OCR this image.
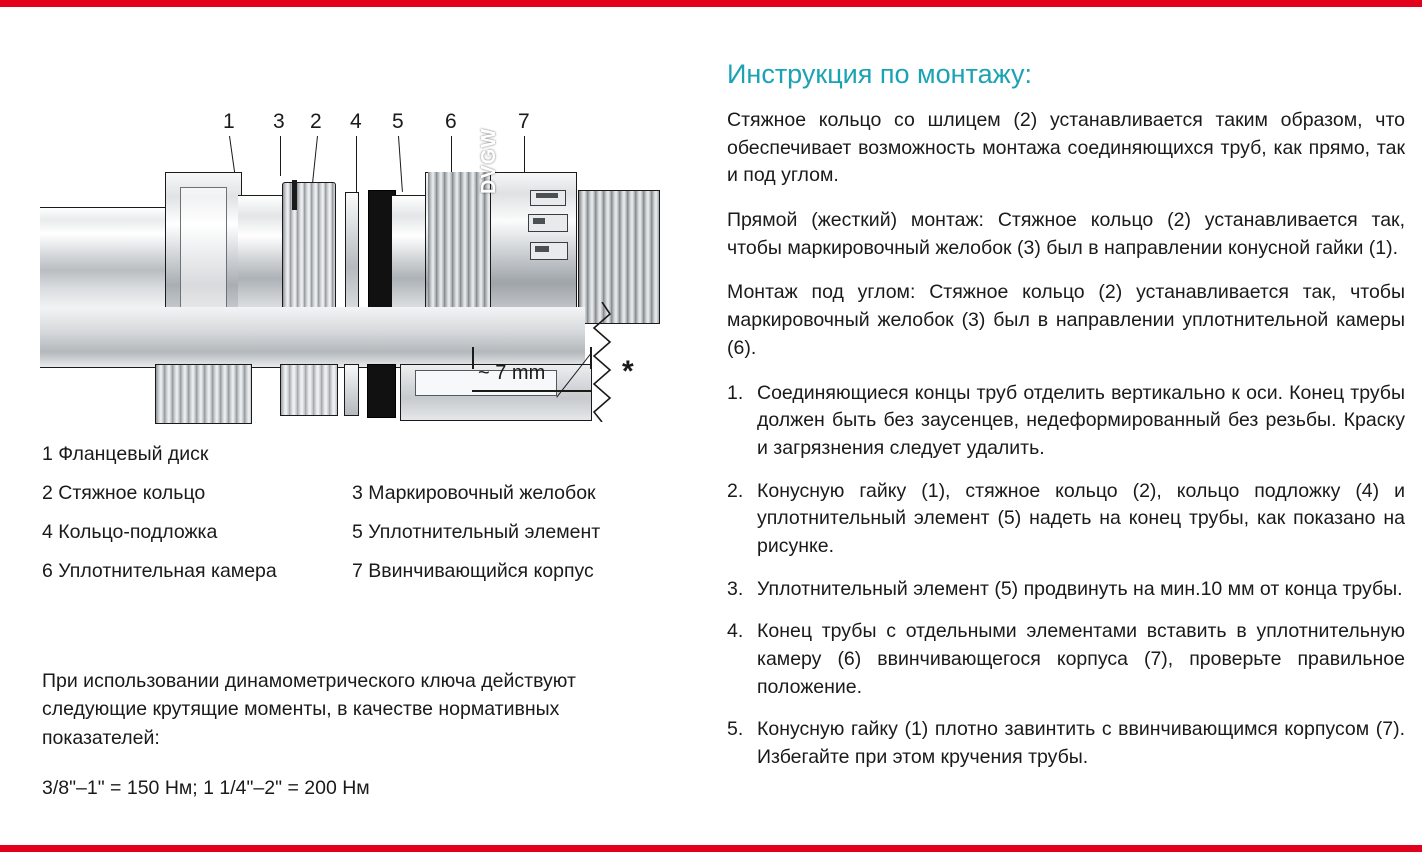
1 3 2 4 5 6	7
DVGW
~ 7 mm	*
1 Фланцевый диск
2 Стяжное кольцо	3 Маркировочный желобок
4 Кольцо-подложка	5 Уплотнительный элемент
6 Уплотнительная камера	7 Ввинчивающийся корпус

При использовании динамометрического ключа действуют следующие крутящие моменты, в качестве нормативных показателей:

3/8"–1" = 150 Нм; 1 1/4"–2" = 200 Нм

Инструкция по монтажу:

Стяжное кольцо со шлицем (2) устанавливается таким образом, что обеспечивает возможность монтажа соединяющихся труб, как прямо, так и под углом.

Прямой (жесткий) монтаж: Стяжное кольцо (2) устанавливается так, чтобы маркировочный желобок (3) был в направлении конусной гайки (1).

Монтаж под углом: Стяжное кольцо (2) устанавливается так, чтобы маркировочный желобок (3) был в направлении уплотнительной камеры (6).

1. Соединяющиеся концы труб отделить вертикально к оси. Конец трубы должен быть без заусенцев, недеформированный без резьбы. Краску и загрязнения следует удалить.
2. Конусную гайку (1), стяжное кольцо (2), кольцо подложку (4) и уплотнительный элемент (5) надеть на конец трубы, как показано на рисунке.
3. Уплотнительный элемент (5) продвинуть на мин.10 мм от конца трубы.
4. Конец трубы с отдельными элементами вставить в уплотнительную камеру (6) ввинчивающегося корпуса (7), проверьте правильное положение.
5. Конусную гайку (1) плотно завинтить с ввинчивающимся корпусом (7). Избегайте при этом кручения трубы.
